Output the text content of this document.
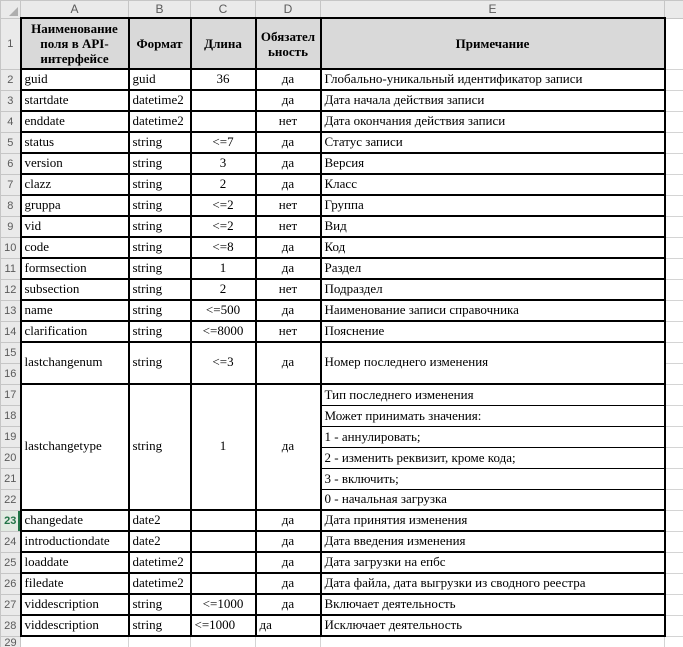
	A	B	C	D	E	
1	Наименование поля в API-интерфейсе	Формат	Длина	Обязательность	Примечание	
2	guid	guid	36	да	Глобально-уникальный идентификатор записи	
3	startdate	datetime2		да	Дата начала действия записи	
4	enddate	datetime2		нет	Дата окончания действия записи	
5	status	string	<=7	да	Статус записи	
6	version	string	3	да	Версия	
7	clazz	string	2	да	Класс	
8	gruppa	string	<=2	нет	Группа	
9	vid	string	<=2	нет	Вид	
10	code	string	<=8	да	Код	
11	formsection	string	1	да	Раздел	
12	subsection	string	2	нет	Подраздел	
13	name	string	<=500	да	Наименование записи справочника	
14	clarification	string	<=8000	нет	Пояснение	
15	lastchangenum	string	<=3	да	Номер последнего изменения	
16						
17	lastchangetype	string	1	да	Тип последнего изменения	
18					Может принимать значения:	
19					1 - аннулировать;	
20					2 - изменить реквизит, кроме кода;	
21					3 - включить;	
22					0 - начальная загрузка	
23	changedate	date2		да	Дата принятия изменения	
24	introductiondate	date2		да	Дата введения изменения	
25	loaddate	datetime2		да	Дата загрузки на епбс	
26	filedate	datetime2		да	Дата файла, дата выгрузки из сводного реестра	
27	viddescription	string	<=1000	да	Включает деятельность	
28	viddescription	string	<=1000	да	Исключает деятельность	
29						
